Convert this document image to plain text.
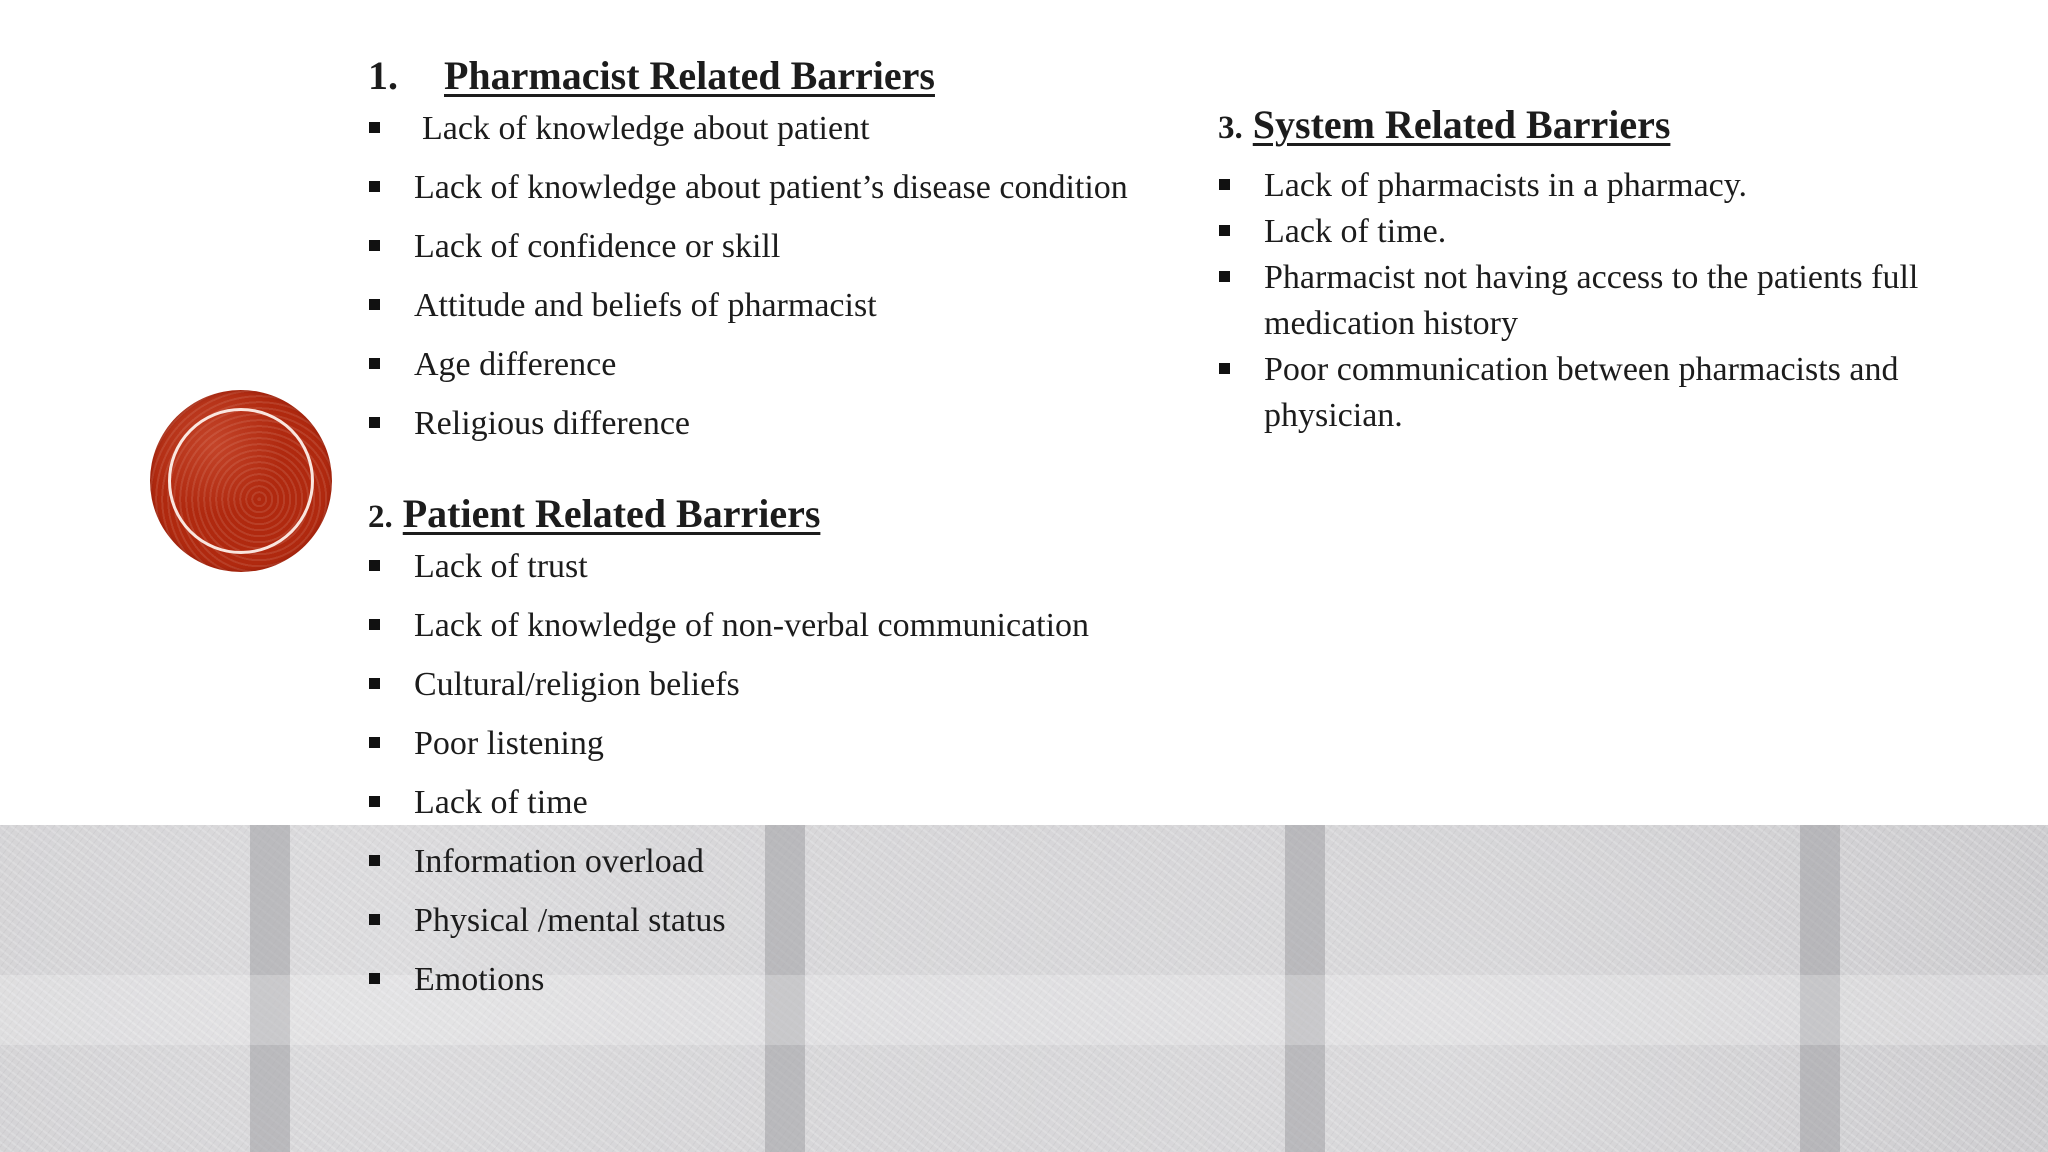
1. Pharmacist Related Barriers
Lack of knowledge about patient
Lack of knowledge about patient’s disease condition
Lack of confidence or skill
Attitude and beliefs of pharmacist
Age difference
Religious difference
2. Patient Related Barriers
Lack of trust
Lack of knowledge of non-verbal communication
Cultural/religion beliefs
Poor listening
Lack of time
Information overload
Physical /mental status
Emotions
3. System Related Barriers
Lack of pharmacists in a pharmacy.
Lack of time.
Pharmacist not having access to the patients full medication history
Poor communication between pharmacists and physician.
